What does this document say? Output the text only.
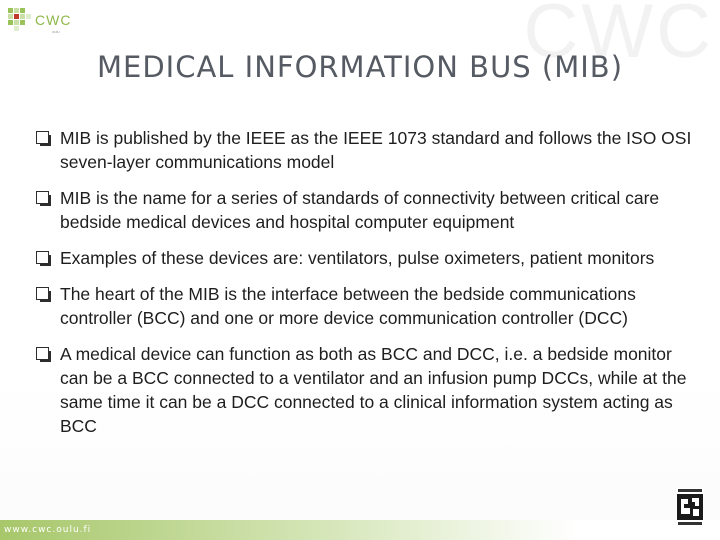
CWC
CWC
oulu
MEDICAL INFORMATION BUS (MIB)
MIB is published by the IEEE as the IEEE 1073 standard and follows the ISO OSI seven-layer communications model
MIB is the name for a series of standards of connectivity between critical care bedside medical devices and hospital computer equipment
Examples of these devices are: ventilators, pulse oximeters, patient monitors
The heart of the MIB is the interface between the bedside communications controller (BCC) and one or more device communication controller (DCC)
A medical device can function as both as BCC and DCC, i.e. a bedside monitor can be a BCC connected to a ventilator and an infusion pump DCCs, while at the same time it can be a DCC connected to a clinical information system acting as BCC
www.cwc.oulu.fi
